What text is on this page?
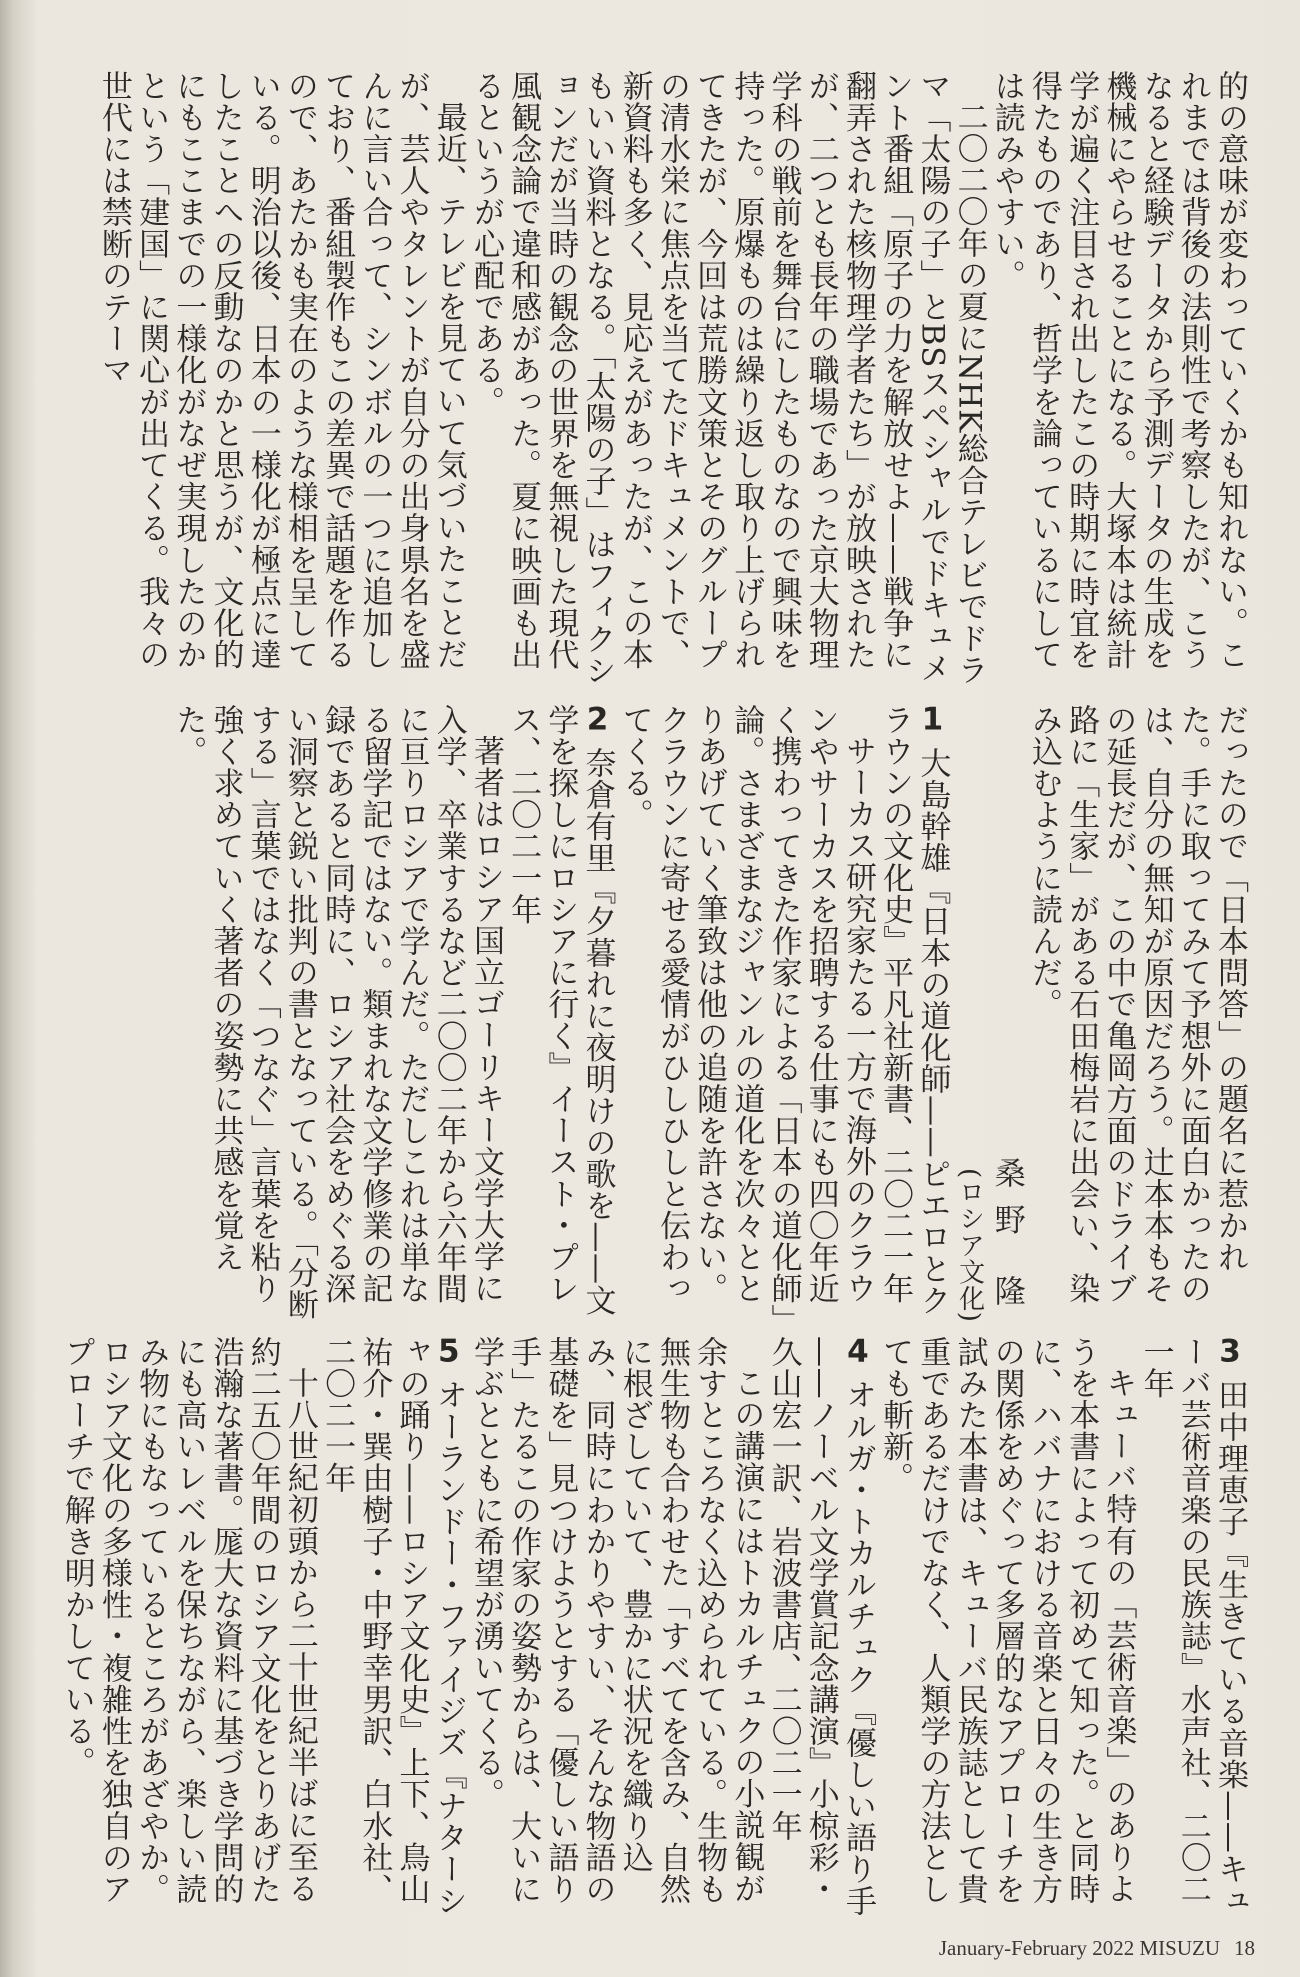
的の意味が変わっていくかも知れない。これまでは背後の法則性で考察したが、こうなると経験データから予測データの生成を機械にやらせることになる。大塚本は統計学が遍く注目され出したこの時期に時宜を得たものであり、哲学を論っているにしては読みやすい。

二〇二〇年の夏にNHK総合テレビでドラマ「太陽の子」とBSスペシャルでドキュメント番組「原子の力を解放せよ——戦争に翻弄された核物理学者たち」が放映されたが、二つとも長年の職場であった京大物理学科の戦前を舞台にしたものなので興味を持った。原爆ものは繰り返し取り上げられてきたが、今回は荒勝文策とそのグループの清水栄に焦点を当てたドキュメントで、新資料も多く、見応えがあったが、この本もいい資料となる。「太陽の子」はフィクションだが当時の観念の世界を無視した現代風観念論で違和感があった。夏に映画も出るというが心配である。

最近、テレビを見ていて気づいたことだが、芸人やタレントが自分の出身県名を盛んに言い合って、シンボルの一つに追加しており、番組製作もこの差異で話題を作るので、あたかも実在のような様相を呈している。明治以後、日本の一様化が極点に達したことへの反動なのかと思うが、文化的にもここまでの一様化がなぜ実現したのかという「建国」に関心が出てくる。我々の世代には禁断のテーマ

だったので「日本問答」の題名に惹かれた。手に取ってみて予想外に面白かったのは、自分の無知が原因だろう。辻本本もその延長だが、この中で亀岡方面のドライブ路に「生家」がある石田梅岩に出会い、染み込むように読んだ。

桑野 隆

(ロシア文化)

1大島幹雄『日本の道化師——ピエロとクラウンの文化史』平凡社新書、二〇二一年

サーカス研究家たる一方で海外のクラウンやサーカスを招聘する仕事にも四〇年近く携わってきた作家による「日本の道化師」論。さまざまなジャンルの道化を次々ととりあげていく筆致は他の追随を許さない。クラウンに寄せる愛情がひしひしと伝わってくる。

2奈倉有里『夕暮れに夜明けの歌を——文学を探しにロシアに行く』イースト・プレス、二〇二一年

著者はロシア国立ゴーリキー文学大学に入学、卒業するなど二〇〇二年から六年間に亘りロシアで学んだ。ただしこれは単なる留学記ではない。類まれな文学修業の記録であると同時に、ロシア社会をめぐる深い洞察と鋭い批判の書となっている。「分断する」言葉ではなく「つなぐ」言葉を粘り強く求めていく著者の姿勢に共感を覚えた。

3田中理恵子『生きている音楽——キューバ芸術音楽の民族誌』水声社、二〇二一年

キューバ特有の「芸術音楽」のありようを本書によって初めて知った。と同時に、ハバナにおける音楽と日々の生き方の関係をめぐって多層的なアプローチを試みた本書は、キューバ民族誌として貴重であるだけでなく、人類学の方法としても斬新。

4オルガ・トカルチュク『優しい語り手——ノーベル文学賞記念講演』小椋彩・久山宏一訳、岩波書店、二〇二一年

この講演にはトカルチュクの小説観が余すところなく込められている。生物も無生物も合わせた「すべてを含み、自然に根ざしていて、豊かに状況を織り込み、同時にわかりやすい、そんな物語の基礎を」見つけようとする「優しい語り手」たるこの作家の姿勢からは、大いに学ぶとともに希望が湧いてくる。

5オーランドー・ファイジズ『ナターシャの踊り——ロシア文化史』上下、鳥山祐介・巽由樹子・中野幸男訳、白水社、二〇二一年

十八世紀初頭から二十世紀半ばに至る約二五〇年間のロシア文化をとりあげた浩瀚な著書。厖大な資料に基づき学問的にも高いレベルを保ちながら、楽しい読み物にもなっているところがあざやか。ロシア文化の多様性・複雑性を独自のアプローチで解き明かしている。

January-February 2022 MISUZU 18
